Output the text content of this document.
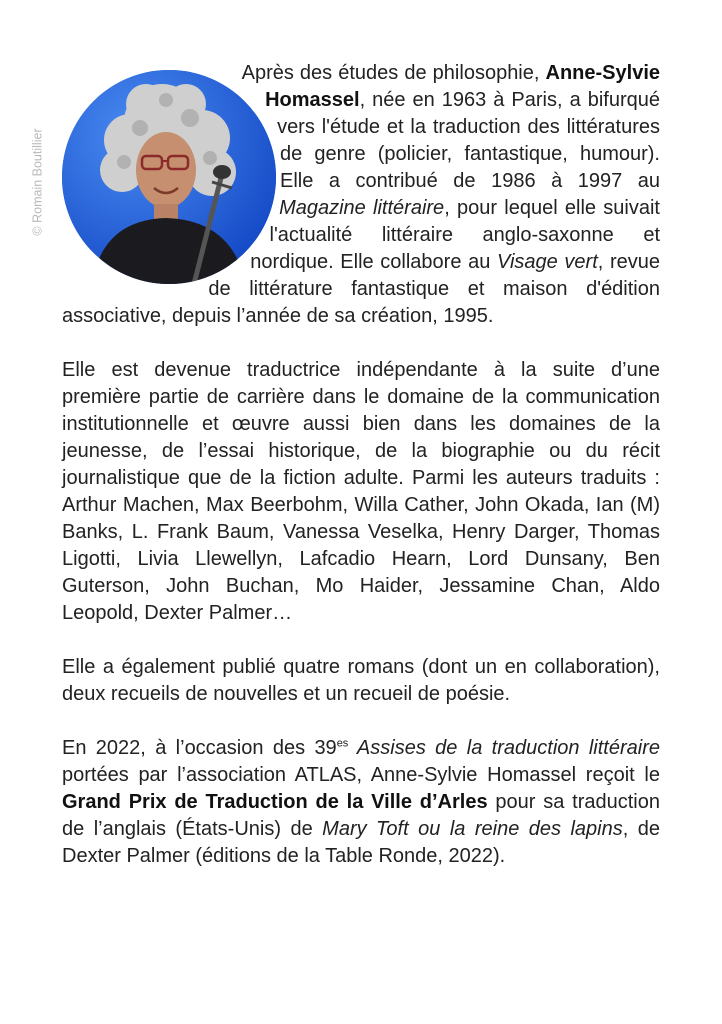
© Romain Boutillier

Après des études de philosophie, Anne-Sylvie Homassel, née en 1963 à Paris, a bifurqué vers l'étude et la traduction des littératures de genre (policier, fantastique, humour). Elle a contribué de 1986 à 1997 au Magazine littéraire, pour lequel elle suivait l'actualité littéraire anglo-saxonne et nordique. Elle collabore au Visage vert, revue de littérature fantastique et maison d'édition associative, depuis l’année de sa création, 1995.

Elle est devenue traductrice indépendante à la suite d’une première partie de carrière dans le domaine de la communication institutionnelle et œuvre aussi bien dans les domaines de la jeunesse, de l’essai historique, de la biographie ou du récit journalistique que de la fiction adulte. Parmi les auteurs traduits : Arthur Machen, Max Beerbohm, Willa Cather, John Okada, Ian (M) Banks, L. Frank Baum, Vanessa Veselka, Henry Darger, Thomas Ligotti, Livia Llewellyn, Lafcadio Hearn, Lord Dunsany, Ben Guterson, John Buchan, Mo Haider, Jessamine Chan, Aldo Leopold, Dexter Palmer…

Elle a également publié quatre romans (dont un en collaboration), deux recueils de nouvelles et un recueil de poésie.

En 2022, à l’occasion des $39^{es}$ Assises de la traduction littéraire portées par l’association ATLAS, Anne-Sylvie Homassel reçoit le Grand Prix de Traduction de la Ville d’Arles pour sa traduction de l’anglais (États-Unis) de Mary Toft ou la reine des lapins, de Dexter Palmer (éditions de la Table Ronde, 2022).
